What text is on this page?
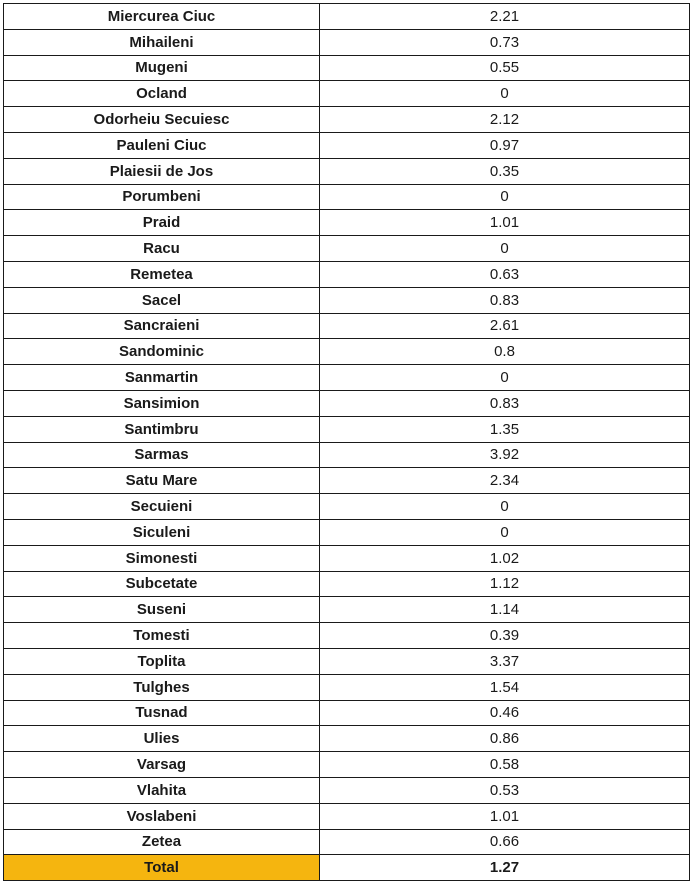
Miercurea Ciuc	2.21
Mihaileni	0.73
Mugeni	0.55
Ocland	0
Odorheiu Secuiesc	2.12
Pauleni Ciuc	0.97
Plaiesii de Jos	0.35
Porumbeni	0
Praid	1.01
Racu	0
Remetea	0.63
Sacel	0.83
Sancraieni	2.61
Sandominic	0.8
Sanmartin	0
Sansimion	0.83
Santimbru	1.35
Sarmas	3.92
Satu Mare	2.34
Secuieni	0
Siculeni	0
Simonesti	1.02
Subcetate	1.12
Suseni	1.14
Tomesti	0.39
Toplita	3.37
Tulghes	1.54
Tusnad	0.46
Ulies	0.86
Varsag	0.58
Vlahita	0.53
Voslabeni	1.01
Zetea	0.66
Total	1.27
